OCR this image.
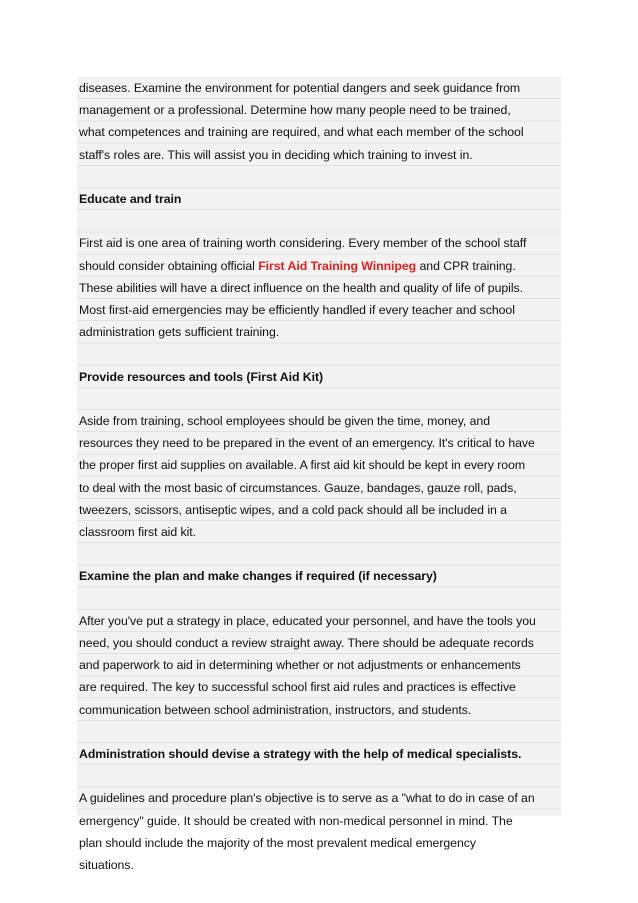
diseases. Examine the environment for potential dangers and seek guidance from

management or a professional. Determine how many people need to be trained,

what competences and training are required, and what each member of the school

staff's roles are. This will assist you in deciding which training to invest in.

Educate and train

First aid is one area of training worth considering. Every member of the school staff

should consider obtaining official First Aid Training Winnipeg and CPR training.

These abilities will have a direct influence on the health and quality of life of pupils.

Most first-aid emergencies may be efficiently handled if every teacher and school

administration gets sufficient training.

Provide resources and tools (First Aid Kit)

Aside from training, school employees should be given the time, money, and

resources they need to be prepared in the event of an emergency. It's critical to have

the proper first aid supplies on available. A first aid kit should be kept in every room

to deal with the most basic of circumstances. Gauze, bandages, gauze roll, pads,

tweezers, scissors, antiseptic wipes, and a cold pack should all be included in a

classroom first aid kit.

Examine the plan and make changes if required (if necessary)

After you've put a strategy in place, educated your personnel, and have the tools you

need, you should conduct a review straight away. There should be adequate records

and paperwork to aid in determining whether or not adjustments or enhancements

are required. The key to successful school first aid rules and practices is effective

communication between school administration, instructors, and students.

Administration should devise a strategy with the help of medical specialists.

A guidelines and procedure plan's objective is to serve as a "what to do in case of an

emergency" guide. It should be created with non-medical personnel in mind. The

plan should include the majority of the most prevalent medical emergency

situations.
